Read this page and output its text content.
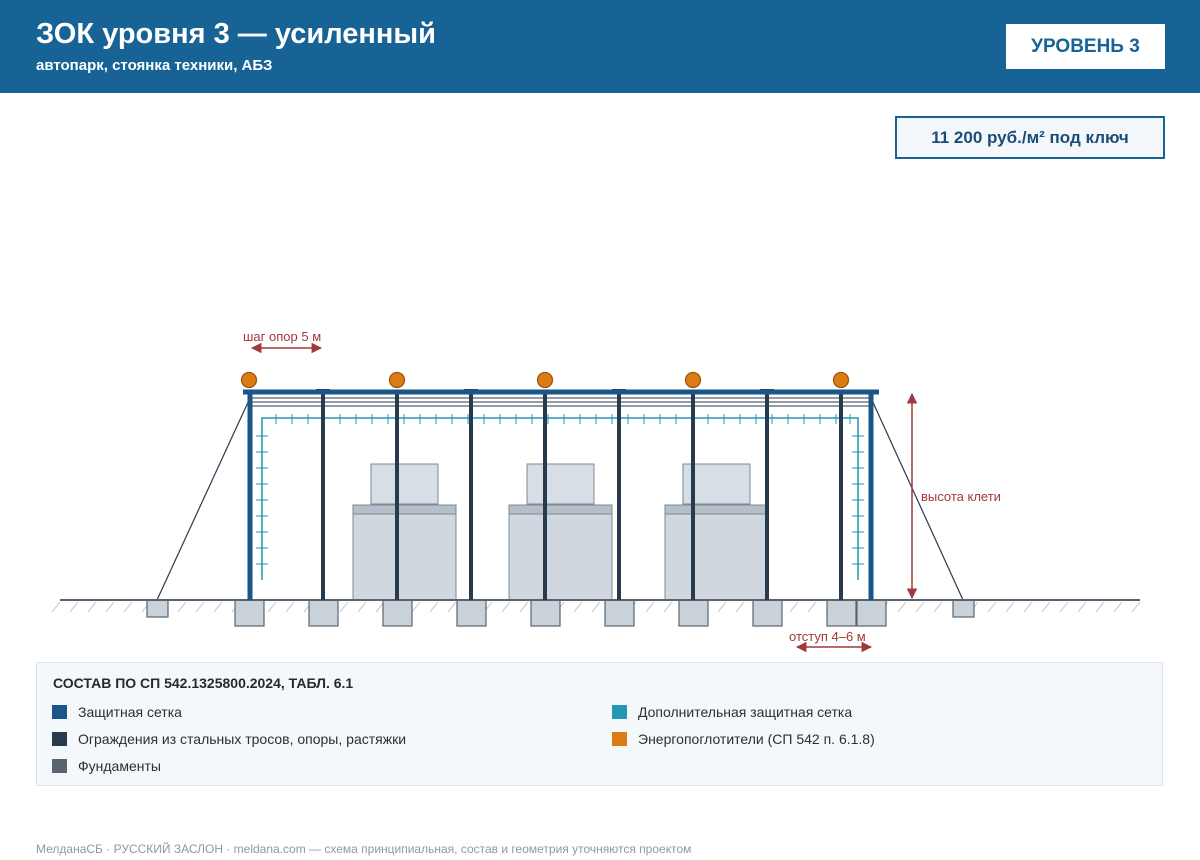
ЗОК уровня 3 — усиленный
автопарк, стоянка техники, АБЗ
УРОВЕНЬ 3
11 200 руб./м² под ключ
шаг опор 5 м
высота клети
отступ 4–6 м
СОСТАВ ПО СП 542.1325800.2024, ТАБЛ. 6.1
Защитная сетка
Ограждения из стальных тросов, опоры, растяжки
Фундаменты
Дополнительная защитная сетка
Энергопоглотители (СП 542 п. 6.1.8)
МелданаСБ · РУССКИЙ ЗАСЛОН · meldana.com — схема принципиальная, состав и геометрия уточняются проектом
